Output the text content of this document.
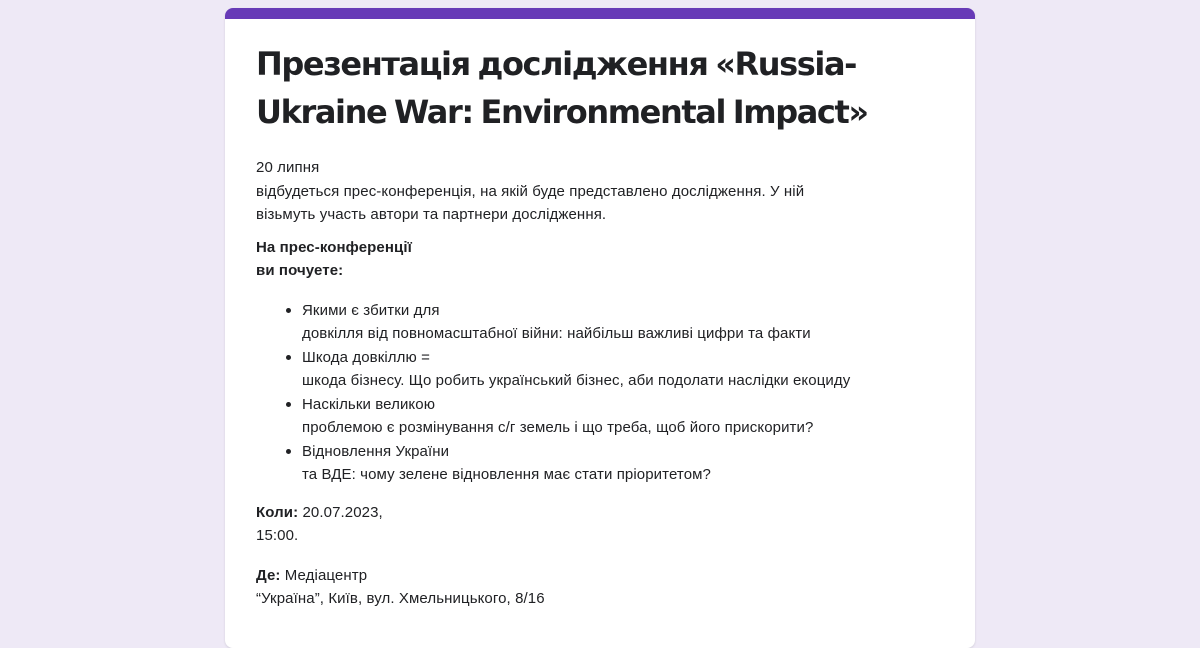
Презентація дослідження «Russia-Ukraine War: Environmental Impact»
20 липня
відбудеться прес-конференція, на якій буде представлено дослідження. У ній
візьмуть участь автори та партнери дослідження.
На прес-конференції
ви почуете:
Якими є збитки для
довкілля від повномасштабної війни: найбільш важливі цифри та факти
Шкода довкіллю =
шкода бізнесу. Що робить український бізнес, аби подолати наслідки екоциду
Наскільки великою
проблемою є розмінування с/г земель і що треба, щоб його прискорити?
Відновлення України
та ВДЕ: чому зелене відновлення має стати пріоритетом?
Коли: 20.07.2023,
15:00.
Де: Медіацентр
“Україна”, Київ, вул. Хмельницького, 8/16
